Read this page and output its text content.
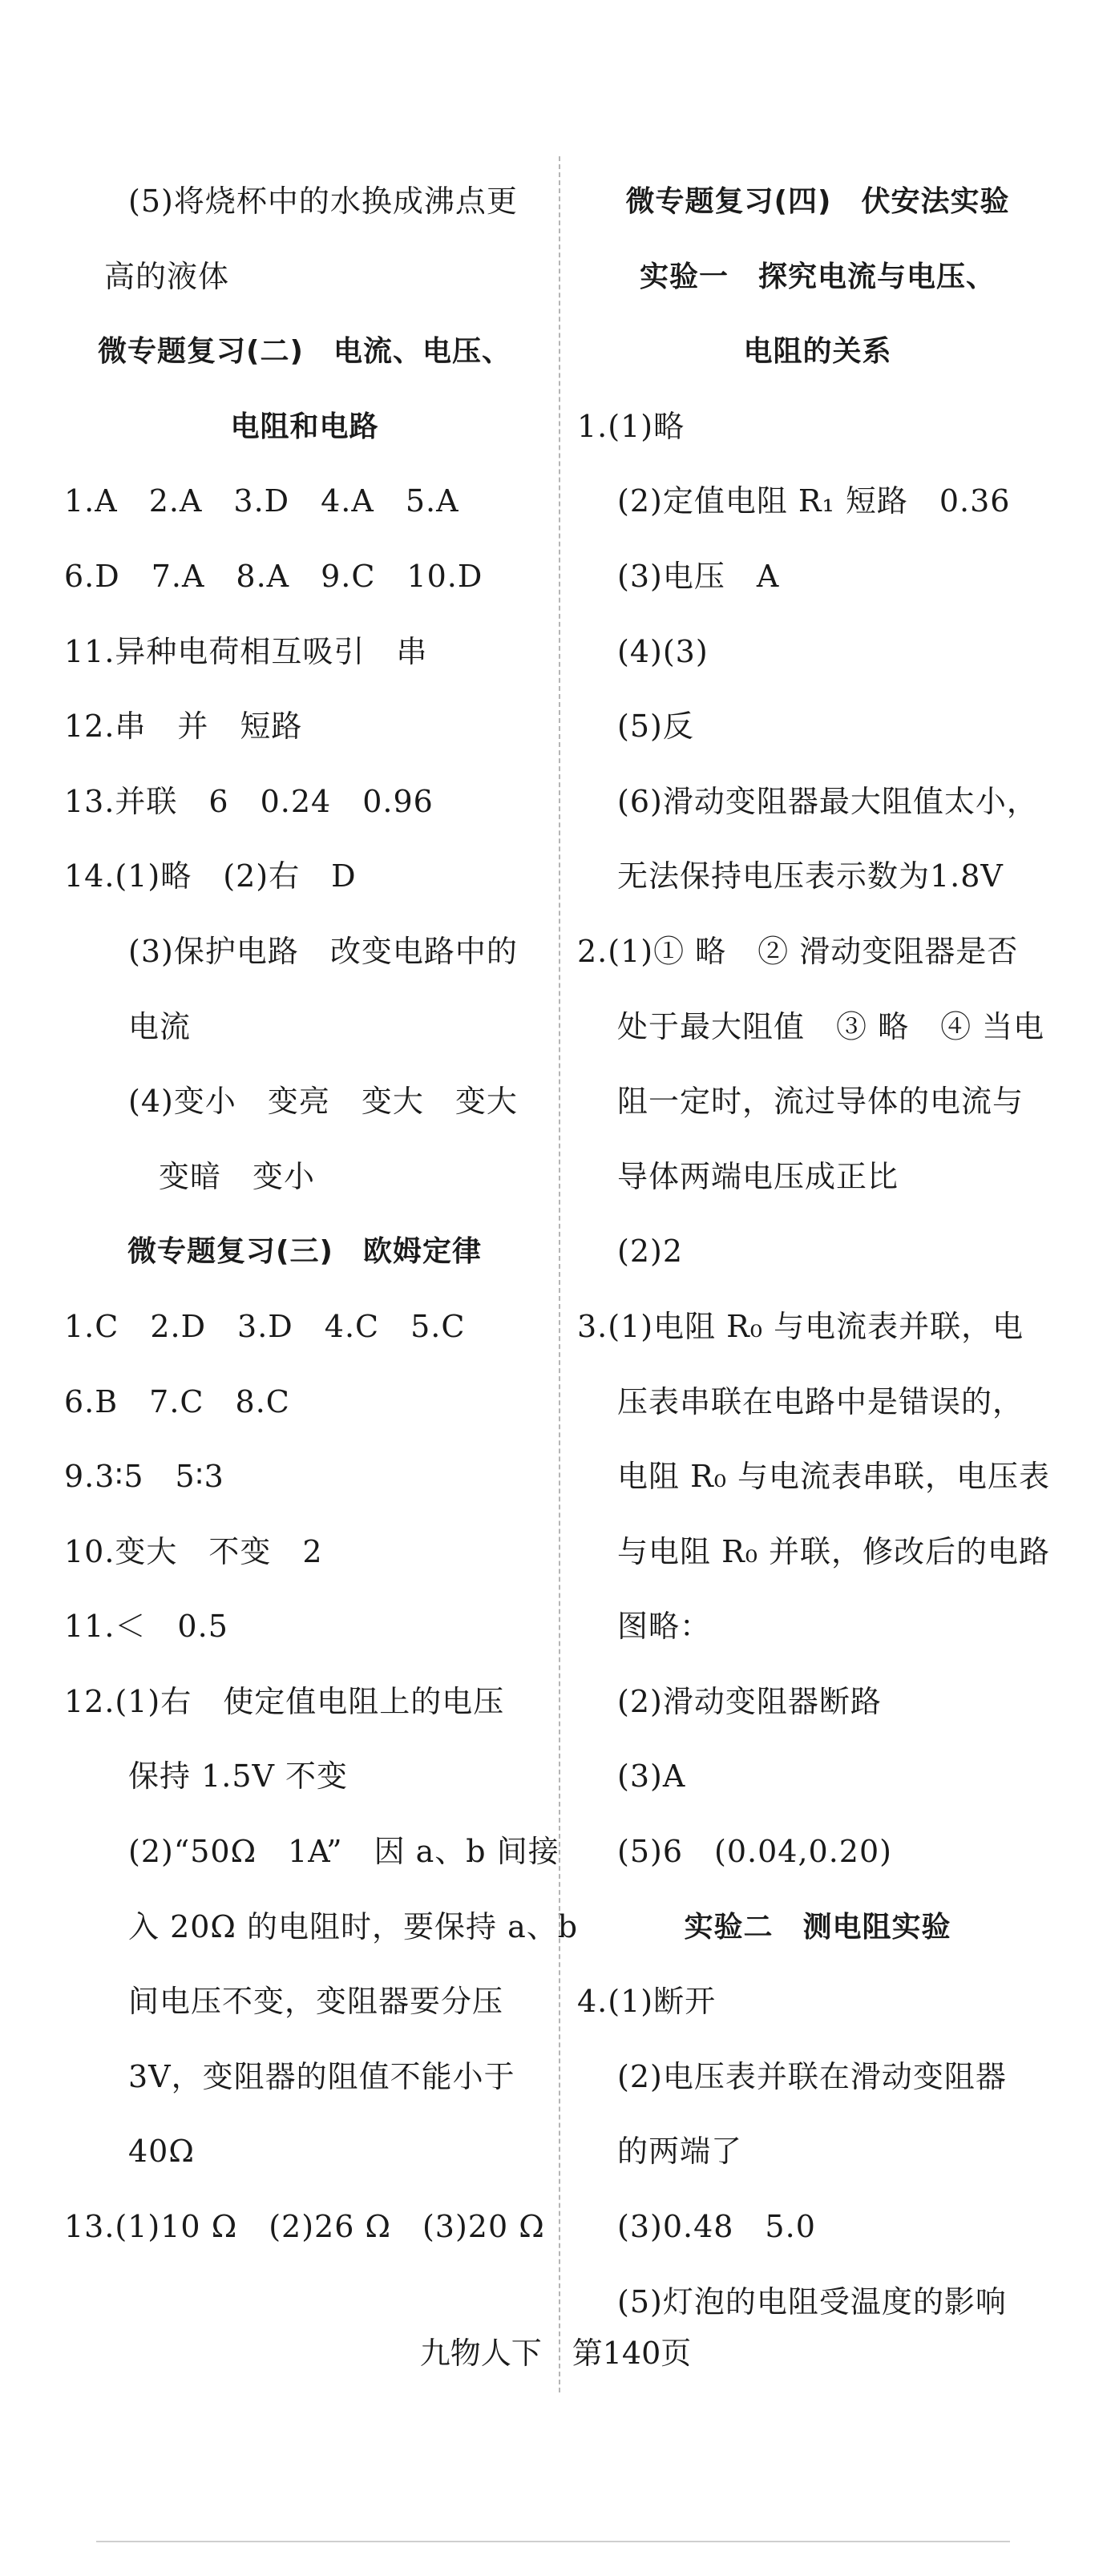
(5)将烧杯中的水换成沸点更
高的液体
微专题复习(二)　电流、电压、
电阻和电路
1.A　2.A　3.D　4.A　5.A
6.D　7.A　8.A　9.C　10.D
11.异种电荷相互吸引　串
12.串　并　短路
13.并联　6　0.24　0.96
14.(1)略　(2)右　D
(3)保护电路　改变电路中的
电流
(4)变小　变亮　变大　变大
变暗　变小
微专题复习(三)　欧姆定律
1.C　2.D　3.D　4.C　5.C
6.B　7.C　8.C
9.3∶5　5∶3
10.变大　不变　2
11.＜　0.5
12.(1)右　使定值电阻上的电压
保持 1.5V 不变
(2)“50Ω　1A”　因 a、b 间接
入 20Ω 的电阻时，要保持 a、b
间电压不变，变阻器要分压
3V，变阻器的阻值不能小于
40Ω
13.(1)10 Ω　(2)26 Ω　(3)20 Ω
微专题复习(四)　伏安法实验
实验一　探究电流与电压、
电阻的关系
1.(1)略
(2)定值电阻 R₁ 短路　0.36
(3)电压　A
(4)(3)
(5)反
(6)滑动变阻器最大阻值太小，
无法保持电压表示数为1.8V
2.(1)① 略　② 滑动变阻器是否
处于最大阻值　③ 略　④ 当电
阻一定时，流过导体的电流与
导体两端电压成正比
(2)2
3.(1)电阻 R₀ 与电流表并联，电
压表串联在电路中是错误的，
电阻 R₀ 与电流表串联，电压表
与电阻 R₀ 并联，修改后的电路
图略：
(2)滑动变阻器断路
(3)A
(5)6　(0.04,0.20)
实验二　测电阻实验
4.(1)断开
(2)电压表并联在滑动变阻器
的两端了
(3)0.48　5.0
(5)灯泡的电阻受温度的影响
九物人下　第140页
